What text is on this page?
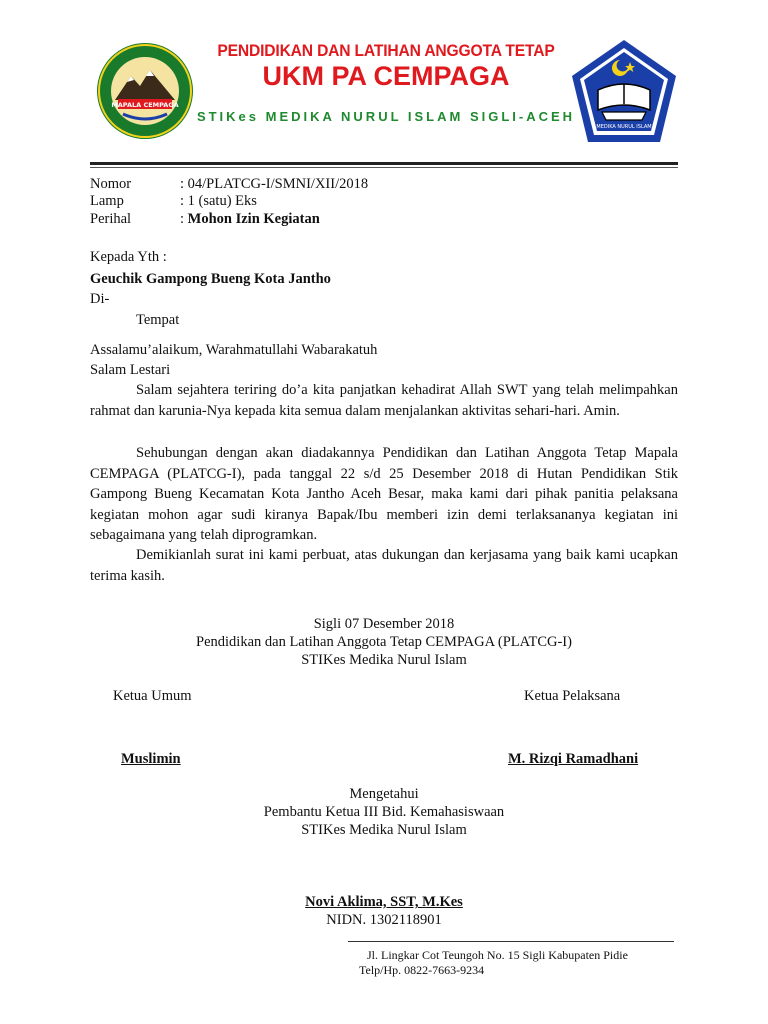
MAPALA CEMPAGA
PENDIDIKAN DAN LATIHAN ANGGOTA TETAP
UKM PA CEMPAGA
STIKes MEDIKA NURUL ISLAM SIGLI-ACEH
MEDIKA NURUL ISLAM
Nomor	: 04/PLATCG-I/SMNI/XII/2018
Lamp	: 1 (satu) Eks
Perihal	: Mohon Izin Kegiatan
Kepada Yth :
Geuchik Gampong Bueng Kota Jantho
Di-
Tempat
Assalamu’alaikum, Warahmatullahi Wabarakatuh
Salam Lestari
Salam sejahtera teriring do’a kita panjatkan kehadirat Allah SWT yang telah melimpahkan rahmat dan karunia-Nya kepada kita semua dalam menjalankan aktivitas sehari-hari. Amin.
Sehubungan dengan akan diadakannya Pendidikan dan Latihan Anggota Tetap Mapala CEMPAGA (PLATCG-I), pada tanggal 22 s/d 25 Desember 2018 di Hutan Pendidikan Stik Gampong Bueng Kecamatan Kota Jantho Aceh Besar, maka kami dari pihak panitia pelaksana kegiatan mohon agar sudi kiranya Bapak/Ibu memberi izin demi terlaksananya kegiatan ini sebagaimana yang telah diprogramkan.
Demikianlah surat ini kami perbuat, atas dukungan dan kerjasama yang baik kami ucapkan terima kasih.
Sigli 07 Desember 2018
Pendidikan dan Latihan Anggota Tetap CEMPAGA (PLATCG-I)
STIKes Medika Nurul Islam
Ketua Umum	Ketua Pelaksana
Muslimin	M. Rizqi Ramadhani
Mengetahui
Pembantu Ketua III Bid. Kemahasiswaan
STIKes Medika Nurul Islam
Novi Aklima, SST, M.Kes
NIDN. 1302118901
Jl. Lingkar Cot Teungoh No. 15 Sigli Kabupaten Pidie
Telp/Hp. 0822-7663-9234
